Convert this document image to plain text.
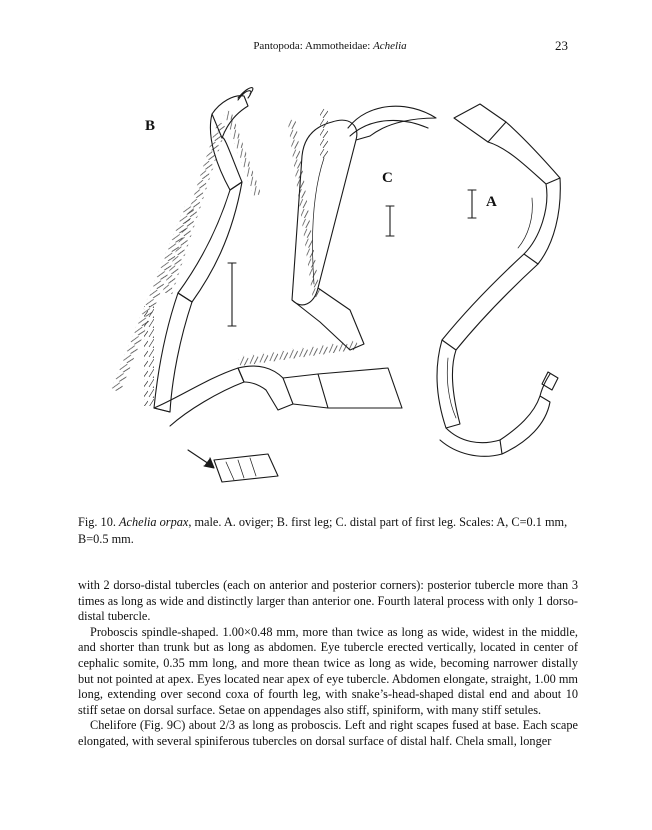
Pantopoda: Ammotheidae: Achelia	23
B
C
A
Fig. 10. Achelia orpax, male. A. oviger; B. first leg; C. distal part of first leg. Scales: A, C=0.1 mm, B=0.5 mm.

with 2 dorso-distal tubercles (each on anterior and posterior corners): posterior tubercle more than 3 times as long as wide and distinctly larger than anterior one. Fourth lateral process with only 1 dorso-distal tubercle.

Proboscis spindle-shaped. 1.00×0.48 mm, more than twice as long as wide, widest in the middle, and shorter than trunk but as long as abdomen. Eye tubercle erected vertically, located in center of cephalic somite, 0.35 mm long, and more thean twice as long as wide, becoming narrower distally but not pointed at apex. Eyes located near apex of eye tubercle. Abdomen elongate, straight, 1.00 mm long, extending over second coxa of fourth leg, with snake’s-head-shaped distal end and about 10 stiff setae on dorsal surface. Setae on appendages also stiff, spiniform, with many stiff setules.

Chelifore (Fig. 9C) about 2/3 as long as proboscis. Left and right scapes fused at base. Each scape elongated, with several spiniferous tubercles on dorsal surface of distal half. Chela small, longer
